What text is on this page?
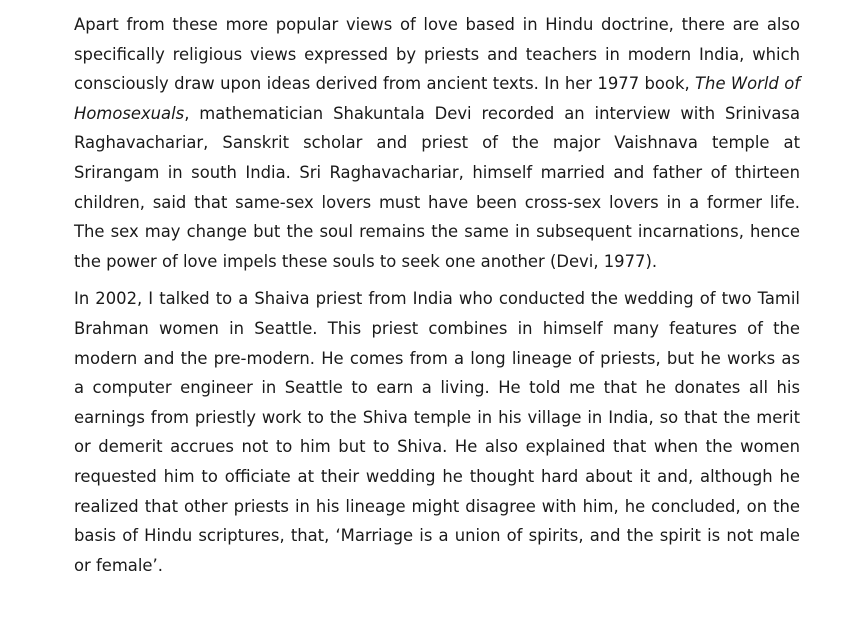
Apart from these more popular views of love based in Hindu doctrine, there are also specifically religious views expressed by priests and teachers in modern India, which consciously draw upon ideas derived from ancient texts. In her 1977 book, The World of Homosexuals, mathematician Shakuntala Devi recorded an interview with Srinivasa Raghavachariar, Sanskrit scholar and priest of the major Vaishnava temple at Srirangam in south India. Sri Raghavachariar, himself married and father of thirteen children, said that same-sex lovers must have been cross-sex lovers in a former life. The sex may change but the soul remains the same in subsequent incarnations, hence the power of love impels these souls to seek one another (Devi, 1977).

In 2002, I talked to a Shaiva priest from India who conducted the wedding of two Tamil Brahman women in Seattle. This priest combines in himself many features of the modern and the pre-modern. He comes from a long lineage of priests, but he works as a computer engineer in Seattle to earn a living. He told me that he donates all his earnings from priestly work to the Shiva temple in his village in India, so that the merit or demerit accrues not to him but to Shiva. He also explained that when the women requested him to officiate at their wedding he thought hard about it and, although he realized that other priests in his lineage might disagree with him, he concluded, on the basis of Hindu scriptures, that, ‘Marriage is a union of spirits, and the spirit is not male or female’.
